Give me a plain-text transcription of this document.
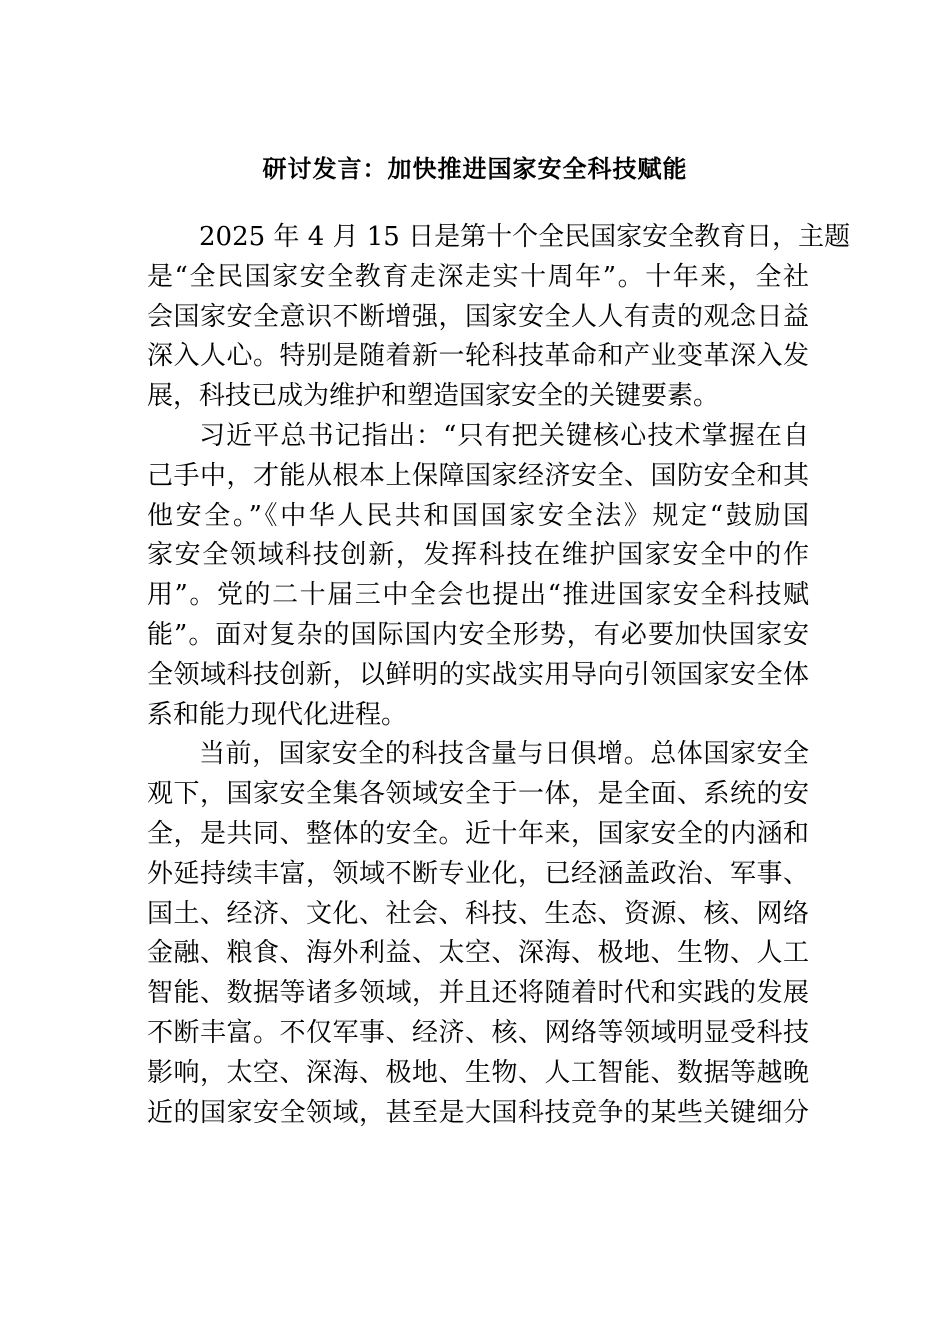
研讨发言：加快推进国家安全科技赋能
2025 年 4 月 15 日是第十个全民国家安全教育日，主题
是“全民国家安全教育走深走实十周年”。十年来，全社
会国家安全意识不断增强，国家安全人人有责的观念日益
深入人心。特别是随着新一轮科技革命和产业变革深入发
展，科技已成为维护和塑造国家安全的关键要素。
习近平总书记指出：“只有把关键核心技术掌握在自
己手中，才能从根本上保障国家经济安全、国防安全和其
他安全。”《中华人民共和国国家安全法》规定“鼓励国
家安全领域科技创新，发挥科技在维护国家安全中的作
用”。党的二十届三中全会也提出“推进国家安全科技赋
能”。面对复杂的国际国内安全形势，有必要加快国家安
全领域科技创新，以鲜明的实战实用导向引领国家安全体
系和能力现代化进程。
当前，国家安全的科技含量与日俱增。总体国家安全
观下，国家安全集各领域安全于一体，是全面、系统的安
全，是共同、整体的安全。近十年来，国家安全的内涵和
外延持续丰富，领域不断专业化，已经涵盖政治、军事、
国土、经济、文化、社会、科技、生态、资源、核、网络
金融、粮食、海外利益、太空、深海、极地、生物、人工
智能、数据等诸多领域，并且还将随着时代和实践的发展
不断丰富。不仅军事、经济、核、网络等领域明显受科技
影响，太空、深海、极地、生物、人工智能、数据等越晚
近的国家安全领域，甚至是大国科技竞争的某些关键细分
